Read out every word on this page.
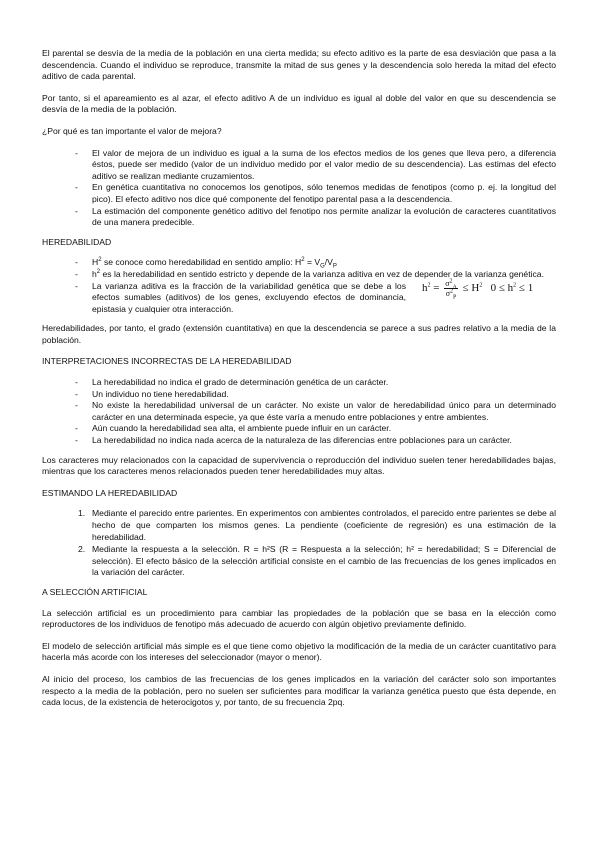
El parental se desvía de la media de la población en una cierta medida; su efecto aditivo es la parte de esa desviación que pasa a la descendencia. Cuando el individuo se reproduce, transmite la mitad de sus genes y la descendencia solo hereda la mitad del efecto aditivo de cada parental.

Por tanto, si el apareamiento es al azar, el efecto aditivo A de un individuo es igual al doble del valor en que su descendencia se desvía de la media de la población.

¿Por qué es tan importante el valor de mejora?

- El valor de mejora de un individuo es igual a la suma de los efectos medios de los genes que lleva pero, a diferencia éstos, puede ser medido (valor de un individuo medido por el valor medio de su descendencia). Las estimas del efecto aditivo se realizan mediante cruzamientos.
- En genética cuantitativa no conocemos los genotipos, sólo tenemos medidas de fenotipos (como p. ej. la longitud del pico). El efecto aditivo nos dice qué componente del fenotipo parental pasa a la descendencia.
- La estimación del componente genético aditivo del fenotipo nos permite analizar la evolución de caracteres cuantitativos de una manera predecible.

HEREDABILIDAD

- $H^2$ se conoce como heredabilidad en sentido amplio: $H^2 = V_G/V_P$
- $h^2$ es la heredabilidad en sentido estricto y depende de la varianza aditiva en vez de depender de la varianza genética.
- La varianza aditiva es la fracción de la variabilidad genética que se debe a los efectos sumables (aditivos) de los genes, excluyendo efectos de dominancia, epistasia y cualquier otra interacción.
$h^2 = \frac{\sigma^2_A}{\sigma^2_P} \le H^2$ $0 \le h^2 \le 1$

Heredabilidades, por tanto, el grado (extensión cuantitativa) en que la descendencia se parece a sus padres relativo a la media de la población.

INTERPRETACIONES INCORRECTAS DE LA HEREDABILIDAD

- La heredabilidad no indica el grado de determinación genética de un carácter.
- Un individuo no tiene heredabilidad.
- No existe la heredabilidad universal de un carácter. No existe un valor de heredabilidad único para un determinado carácter en una determinada especie, ya que éste varía a menudo entre poblaciones y entre ambientes.
- Aún cuando la heredabilidad sea alta, el ambiente puede influir en un carácter.
- La heredabilidad no indica nada acerca de la naturaleza de las diferencias entre poblaciones para un carácter.

Los caracteres muy relacionados con la capacidad de supervivencia o reproducción del individuo suelen tener heredabilidades bajas, mientras que los caracteres menos relacionados pueden tener heredabilidades muy altas.

ESTIMANDO LA HEREDABILIDAD

1. Mediante el parecido entre parientes. En experimentos con ambientes controlados, el parecido entre parientes se debe al hecho de que comparten los mismos genes. La pendiente (coeficiente de regresión) es una estimación de la heredabilidad.
2. Mediante la respuesta a la selección. R = h²S (R = Respuesta a la selección; h² = heredabilidad; S = Diferencial de selección). El efecto básico de la selección artificial consiste en el cambio de las frecuencias de los genes implicados en la variación del carácter.

A SELECCIÓN ARTIFICIAL

La selección artificial es un procedimiento para cambiar las propiedades de la población que se basa en la elección como reproductores de los individuos de fenotipo más adecuado de acuerdo con algún objetivo previamente definido.

El modelo de selección artificial más simple es el que tiene como objetivo la modificación de la media de un carácter cuantitativo para hacerla más acorde con los intereses del seleccionador (mayor o menor).

Al inicio del proceso, los cambios de las frecuencias de los genes implicados en la variación del carácter solo son importantes respecto a la media de la población, pero no suelen ser suficientes para modificar la varianza genética puesto que ésta depende, en cada locus, de la existencia de heterocigotos y, por tanto, de su frecuencia 2pq.
